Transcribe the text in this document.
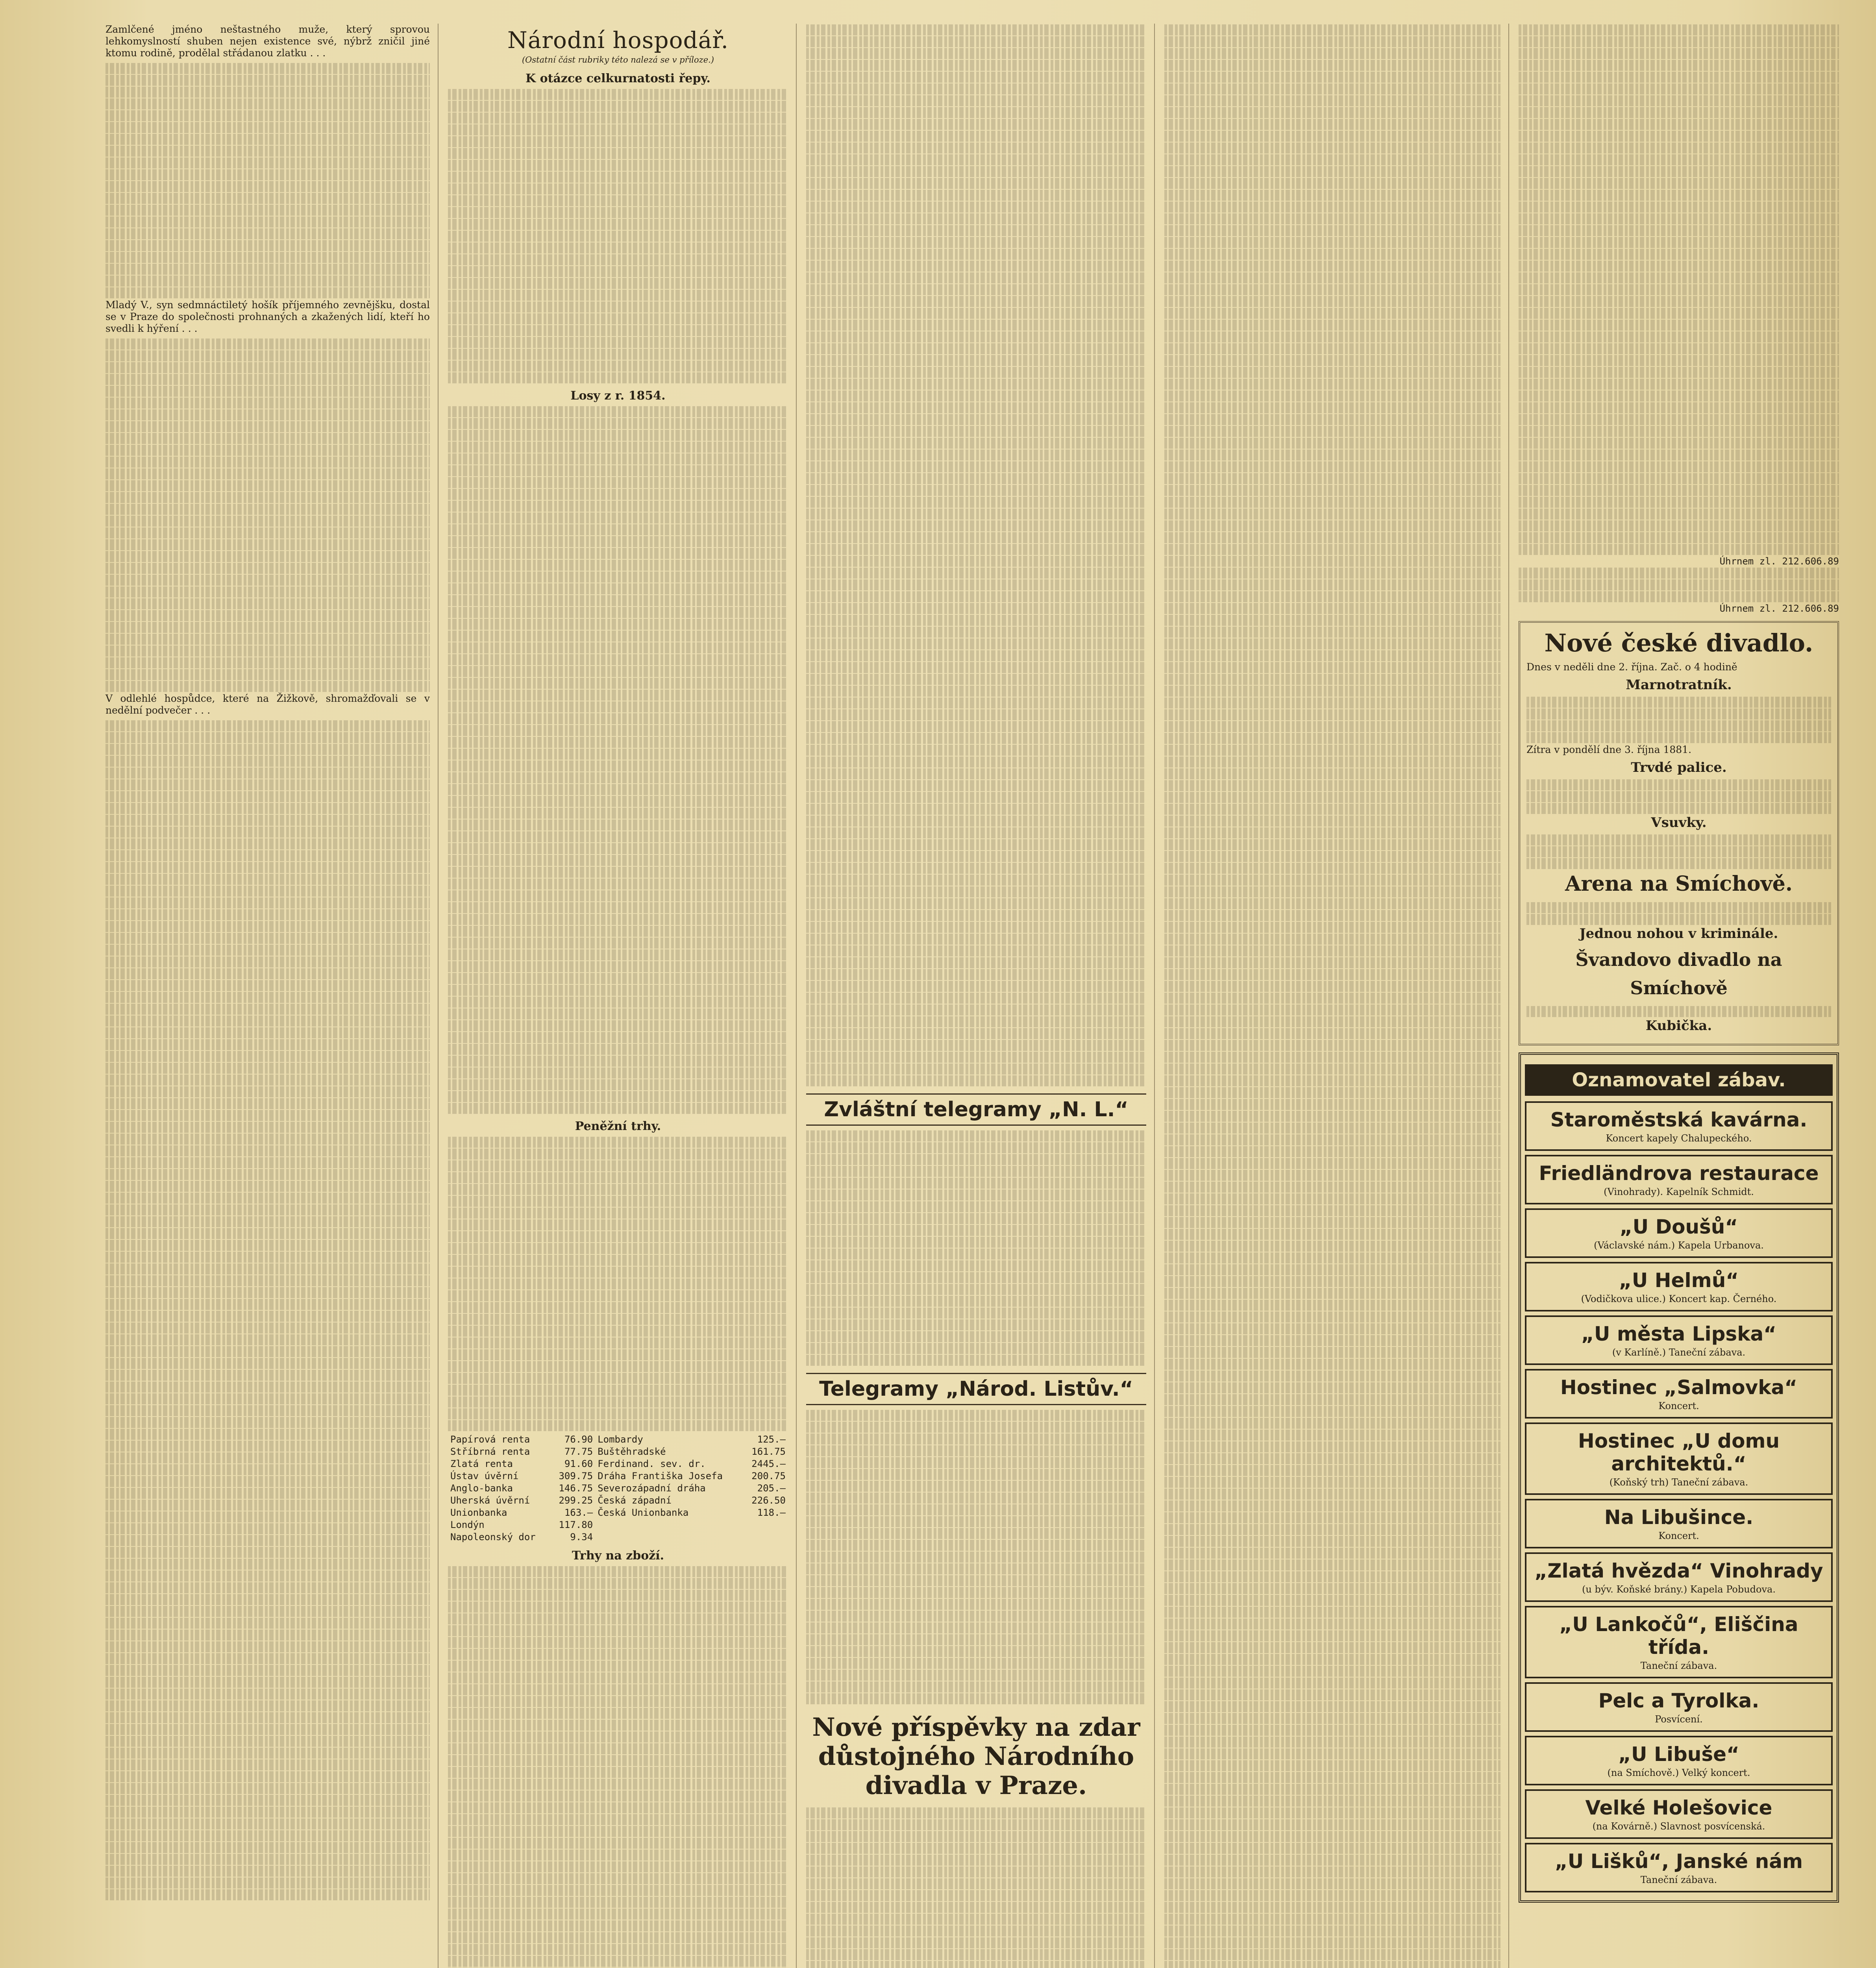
Zamlčené jméno neštastného muže, který sprovou lehkomyslností shuben nejen existence své, nýbrž zničil jiné ktomu rodině, prodělal střádanou zlatku . . .

Mladý V., syn sedmnáctiletý hošík příjemného zevnějšku, dostal se v Praze do společnosti prohnaných a zkažených lidí, kteří ho svedli k hýření . . .

V odlehlé hospůdce, které na Žižkově, shromažďovali se v nedělní podvečer . . .

Národní hospodář.
(Ostatní část rubriky této nalezá se v příloze.)
K otázce celkurnatosti řepy.
Losy z r. 1854.
Peněžní trhy.
Papírová renta	76.90	Lombardy	125.—
Stříbrná renta	77.75	Buštěhradské	161.75
Zlatá renta	91.60	Ferdinand. sev. dr.	2445.—
Ústav úvěrní	309.75	Dráha Františka Josefa	200.75
Anglo-banka	146.75	Severozápadní dráha	205.—
Uherská úvěrní	299.25	Česká západní	226.50
Unionbanka	163.—	Česká Unionbanka	118.—
Londýn	117.80		
Napoleonský dor	9.34		
Trhy na zboží.
Zvláštní telegramy „N. L.“
Telegramy „Národ. Listův.“
Nové příspěvky na zdar důstojného Národního divadla v Praze.
Úhrnem zl. 212.606.89
Úhrnem zl. 212.606.89
Nové české divadlo.

Dnes v neděli dne 2. října. Zač. o 4 hodině

Marnotratník.

Zítra v pondělí dne 3. října 1881.

Trvdé palice.

Vsuvky.

Arena na Smíchově.

Jednou nohou v kriminále.

Švandovo divadlo na Smíchově

Kubička.

Oznamovatel zábav.
Staroměstská kavárna.
Koncert kapely Chalupeckého.
Friedländrova restaurace
(Vinohrady). Kapelník Schmidt.
„U Doušů“
(Václavské nám.) Kapela Urbanova.
„U Helmů“
(Vodičkova ulice.) Koncert kap. Černého.
„U města Lipska“
(v Karlíně.) Taneční zábava.
Hostinec „Salmovka“
Koncert.
Hostinec „U domu architektů.“
(Koňský trh) Taneční zábava.
Na Libušince.
Koncert.
„Zlatá hvězda“ Vinohrady
(u býv. Koňské brány.) Kapela Pobudova.
„U Lankočů“, Eliščina třída.
Taneční zábava.
Pelc a Tyrolka.
Posvícení.
„U Libuše“
(na Smíchově.) Velký koncert.
Velké Holešovice
(na Kovárně.) Slavnost posvícenská.
„U Lišků“, Janské nám
Taneční zábava.
